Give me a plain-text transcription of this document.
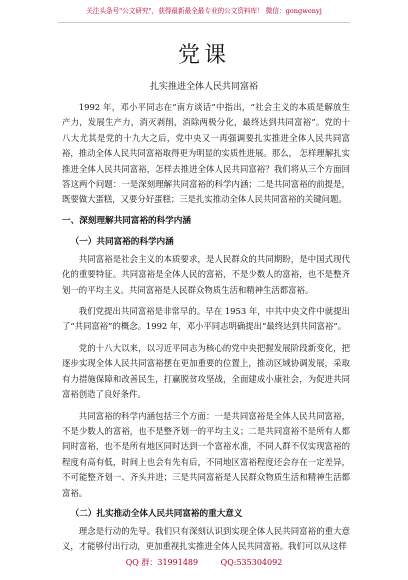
关注头条号"公文研究"，获得最新最全最专业的公文资料库！ 微信：gongwenyj
党课
扎实推进全体人民共同富裕

1992 年，邓小平同志在“南方谈话”中指出，“社会主义的本质是解放生产力，发展生产力，消灭剥削，消除两极分化，最终达到共同富裕”。党的十八大尤其是党的十九大之后，党中央又一再强调要扎实推进全体人民共同富裕，推动全体人民共同富裕取得更为明显的实质性进展。那么， 怎样理解扎实推进全体人民共同富裕，怎样去推进全体人民共同富裕？我们将从三个方面回答这两个问题：一是深刻理解共同富裕的科学内涵；二是共同富裕的前提是，既要做大蛋糕，又要分好蛋糕；三是扎实推动全体人民共同富裕的关键问题。

一、深刻理解共同富裕的科学内涵
（一）共同富裕的科学内涵

共同富裕是社会主义的本质要求，是人民群众的共同期盼，是中国式现代化的重要特征。共同富裕是全体人民的富裕，不是少数人的富裕，也不是整齐划一的平均主义。共同富裕是人民群众物质生活和精神生活都富裕。

我们党提出共同富裕是非常早的。早在 1953 年，中共中央文件中就提出了“共同富裕”的概念。1992 年，邓小平同志明确提出“最终达到共同富裕”。

党的十八大以来，以习近平同志为核心的党中央把握发展阶段新变化，把逐步实现全体人民共同富裕摆在更加重要的位置上，推动区域协调发展，采取有力措施保障和改善民生，打赢脱贫攻坚战，全面建成小康社会，为促进共同富裕创造了良好条件。

共同富裕的科学内涵包括三个方面：一是共同富裕是全体人民共同富裕，不是少数人的富裕，也不是整齐划一的平均主义；二是共同富裕不是所有人都同时富裕，也不是所有地区同时达到一个富裕水准，不同人群不仅实现富裕的程度有高有低，时间上也会有先有后，不同地区富裕程度还会存在一定差异，不可能整齐划一、齐头并进；三是共同富裕是人民群众物质生活和精神生活都富裕。

（二）扎实推动全体人民共同富裕的重大意义

理念是行动的先导。我们只有深刻认识到实现全体人民共同富裕的重大意义，才能够付出行动，更加重视扎实推进全体人民共同富裕。我们可以从这样

QQ 群：31991489	QQ:535304092
